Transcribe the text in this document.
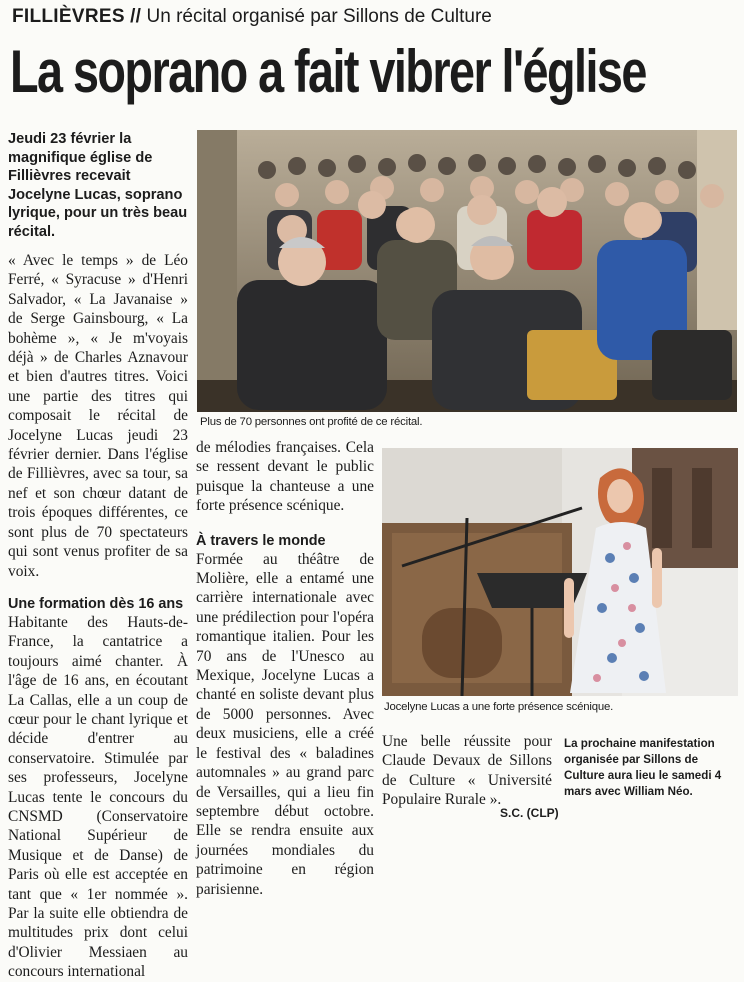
FILLIÈVRES // Un récital organisé par Sillons de Culture
La soprano a fait vibrer l'église

Jeudi 23 février la magnifique église de Fillièvres recevait Jocelyne Lucas, soprano lyrique, pour un très beau récital.

« Avec le temps » de Léo Ferré, « Syracuse » d'Henri Salvador, « La Javanaise » de Serge Gainsbourg, « La bohème », « Je m'voyais déjà » de Charles Aznavour et bien d'autres titres. Voici une partie des titres qui composait le récital de Jocelyne Lucas jeudi 23 février dernier. Dans l'église de Fillièvres, avec sa tour, sa nef et son chœur datant de trois époques différentes, ce sont plus de 70 spectateurs qui sont venus profiter de sa voix.

Une formation dès 16 ans

Habitante des Hauts-de-France, la cantatrice a toujours aimé chanter. À l'âge de 16 ans, en écoutant La Callas, elle a un coup de cœur pour le chant lyrique et décide d'entrer au conservatoire. Stimulée par ses professeurs, Jocelyne Lucas tente le concours du CNSMD (Conservatoire National Supérieur de Musique et de Danse) de Paris où elle est acceptée en tant que « 1er nommée ». Par la suite elle obtiendra de multitudes prix dont celui d'Olivier Messiaen au concours international

Plus de 70 personnes ont profité de ce récital.

de mélodies françaises. Cela se ressent devant le public puisque la chanteuse a une forte présence scénique.

À travers le monde

Formée au théâtre de Molière, elle a entamé une carrière internationale avec une prédilection pour l'opéra romantique italien. Pour les 70 ans de l'Unesco au Mexique, Jocelyne Lucas a chanté en soliste devant plus de 5000 personnes. Avec deux musiciens, elle a créé le festival des « baladines automnales » au grand parc de Versailles, qui a lieu fin septembre début octobre. Elle se rendra ensuite aux journées mondiales du patrimoine en région parisienne.

Jocelyne Lucas a une forte présence scénique.

Une belle réussite pour Claude Devaux de Sillons de Culture « Université Populaire Rurale ».

S.C. (CLP)
La prochaine manifestation organisée par Sillons de Culture aura lieu le samedi 4 mars avec William Néo.
